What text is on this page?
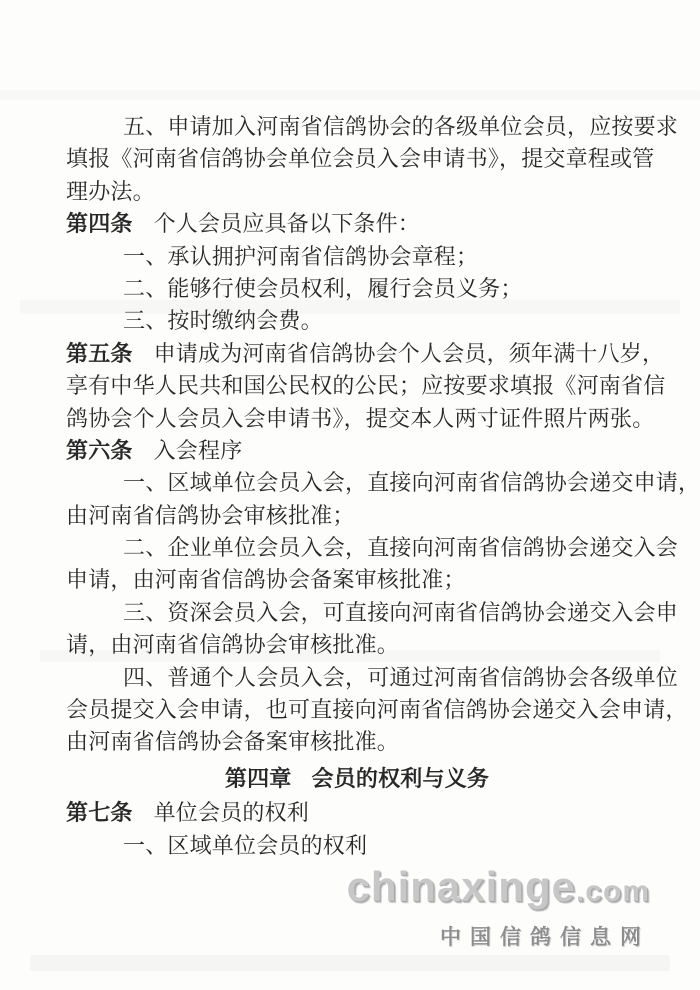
五、申请加入河南省信鸽协会的各级单位会员，应按要求
填报《河南省信鸽协会单位会员入会申请书》，提交章程或管
理办法。
第四条 个人会员应具备以下条件：
一、承认拥护河南省信鸽协会章程；
二、能够行使会员权利，履行会员义务；
三、按时缴纳会费。
第五条 申请成为河南省信鸽协会个人会员，须年满十八岁，
享有中华人民共和国公民权的公民；应按要求填报《河南省信
鸽协会个人会员入会申请书》，提交本人两寸证件照片两张。
第六条 入会程序
一、区域单位会员入会，直接向河南省信鸽协会递交申请，
由河南省信鸽协会审核批准；
二、企业单位会员入会，直接向河南省信鸽协会递交入会
申请，由河南省信鸽协会备案审核批准；
三、资深会员入会，可直接向河南省信鸽协会递交入会申
请，由河南省信鸽协会审核批准。
四、普通个人会员入会，可通过河南省信鸽协会各级单位
会员提交入会申请，也可直接向河南省信鸽协会递交入会申请，
由河南省信鸽协会备案审核批准。
第四章 会员的权利与义务
第七条 单位会员的权利
一、区域单位会员的权利
chinaxinge.com
中国信鸽信息网
